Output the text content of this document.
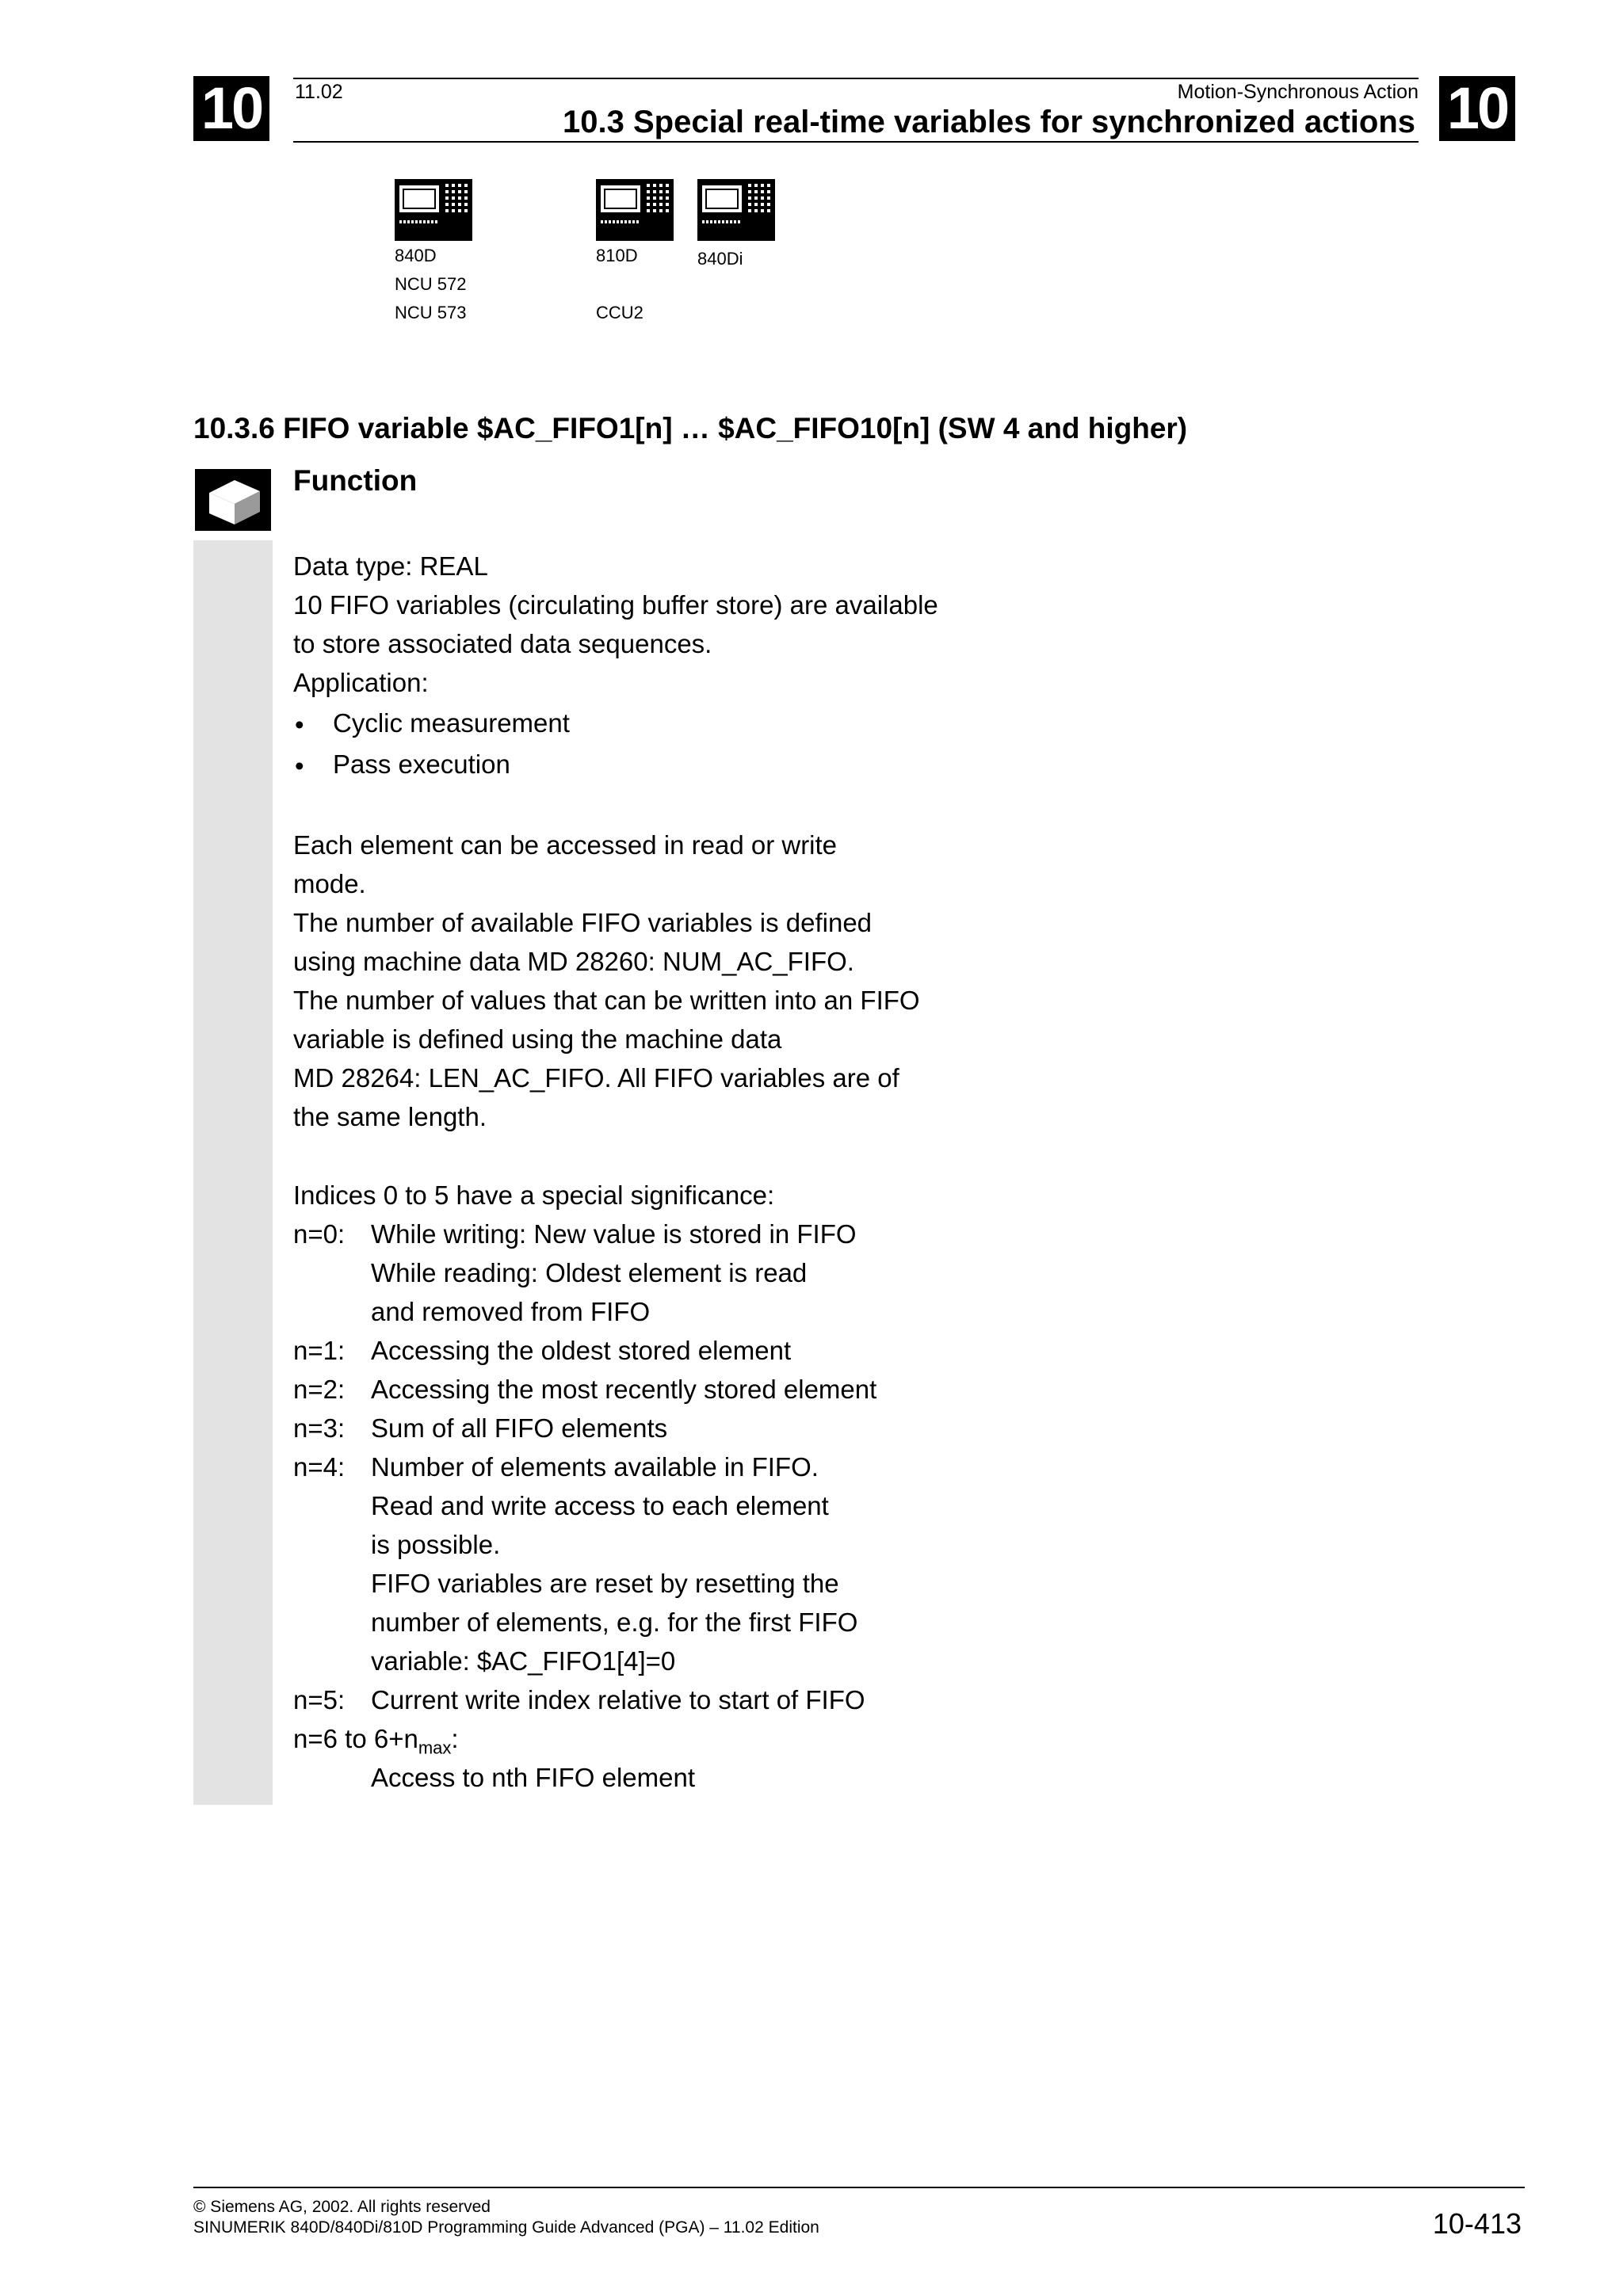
10	10
11.02	Motion-Synchronous Action
10.3 Special real-time variables for synchronized actions
840D
NCU 572
NCU 573
810D
CCU2
840Di
10.3.6 FIFO variable $AC_FIFO1[n] … $AC_FIFO10[n] (SW 4 and higher)
Function
Data type: REAL
10 FIFO variables (circulating buffer store) are available
to store associated data sequences.
Application:
• Cyclic measurement
• Pass execution
Each element can be accessed in read or write
mode.
The number of available FIFO variables is defined
using machine data MD 28260: NUM_AC_FIFO.
The number of values that can be written into an FIFO
variable is defined using the machine data
MD 28264: LEN_AC_FIFO. All FIFO variables are of
the same length.
Indices 0 to 5 have a special significance:
n=0: While writing: New value is stored in FIFO
While reading: Oldest element is read
and removed from FIFO
n=1: Accessing the oldest stored element
n=2: Accessing the most recently stored element
n=3: Sum of all FIFO elements
n=4: Number of elements available in FIFO.
Read and write access to each element
is possible.
FIFO variables are reset by resetting the
number of elements, e.g. for the first FIFO
variable: $AC_FIFO1[4]=0
n=5: Current write index relative to start of FIFO
n=6 to $6+n_{max}$:
Access to nth FIFO element
© Siemens AG, 2002. All rights reserved
SINUMERIK 840D/840Di/810D Programming Guide Advanced (PGA) – 11.02 Edition	10-413
